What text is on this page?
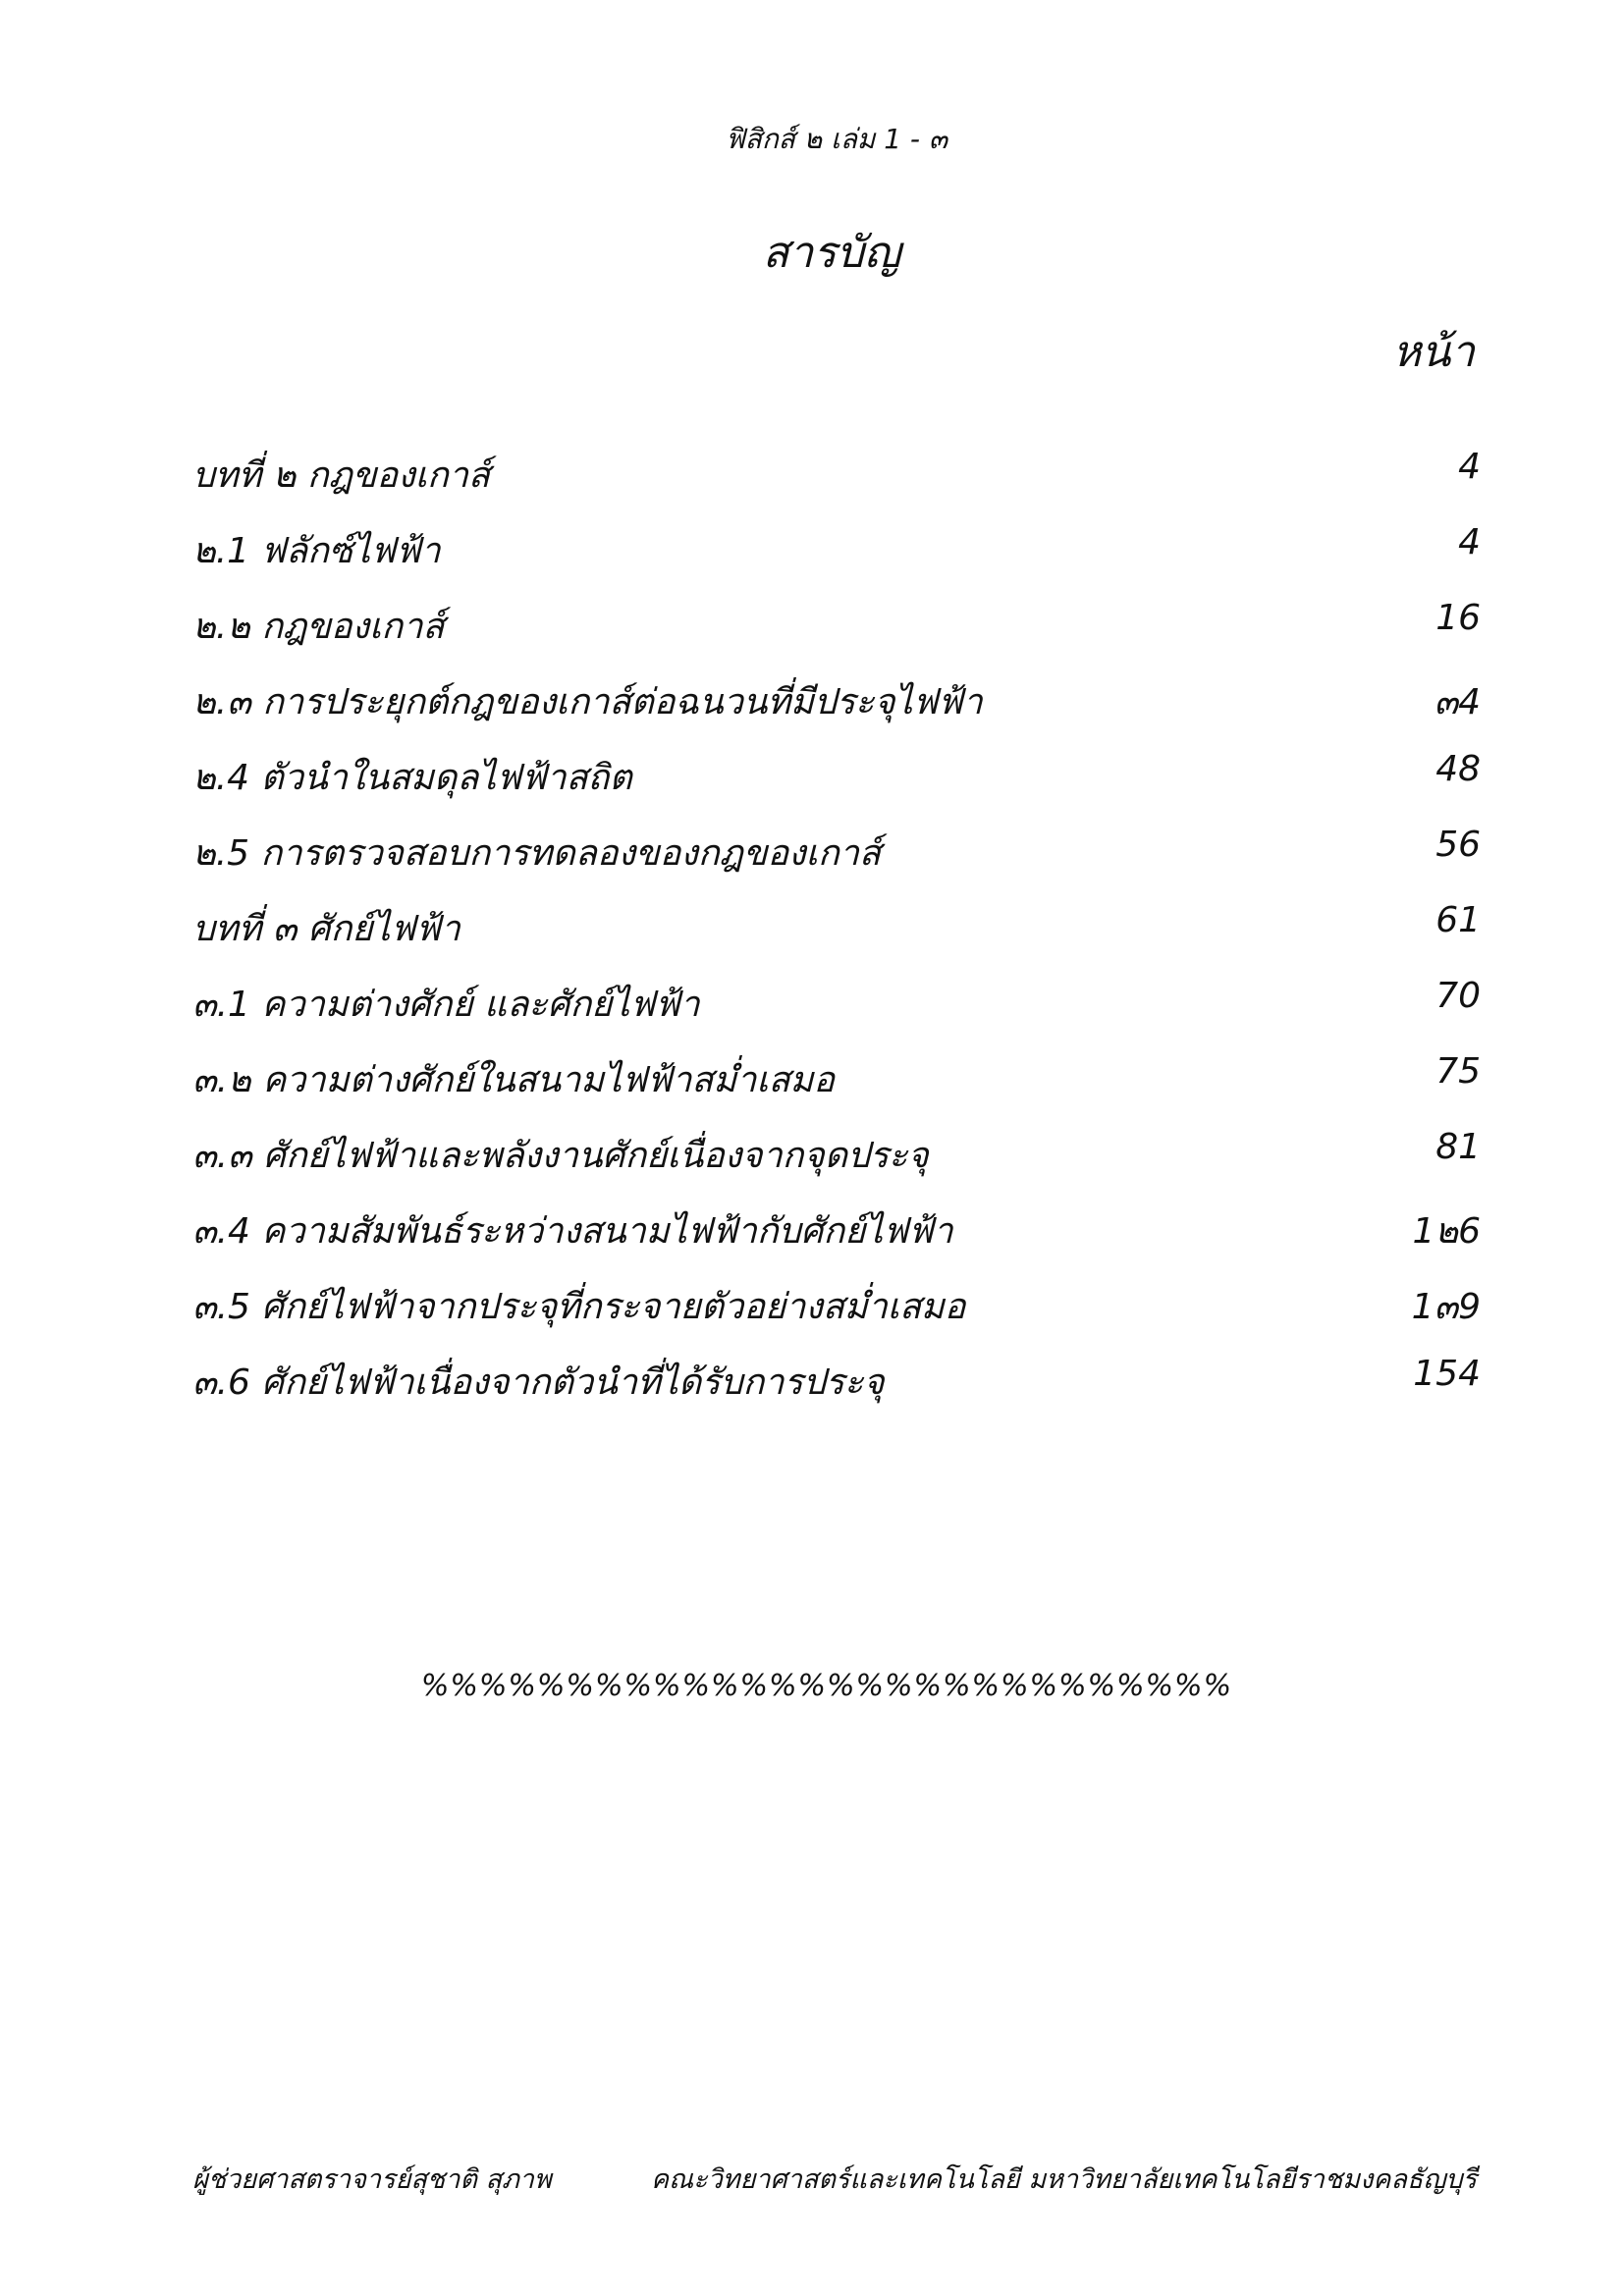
ฟิสิกส์ ๒ เล่ม 1 - ๓
สารบัญ
หน้า
บทที่ ๒ กฎของเกาส์	4
๒.1 ฟลักซ์ไฟฟ้า	4
๒.๒ กฎของเกาส์	16
๒.๓ การประยุกต์กฎของเกาส์ต่อฉนวนที่มีประจุไฟฟ้า	๓4
๒.4 ตัวนำในสมดุลไฟฟ้าสถิต	48
๒.5 การตรวจสอบการทดลองของกฎของเกาส์	56
บทที่ ๓ ศักย์ไฟฟ้า	61
๓.1 ความต่างศักย์ และศักย์ไฟฟ้า	70
๓.๒ ความต่างศักย์ในสนามไฟฟ้าสม่ำเสมอ	75
๓.๓ ศักย์ไฟฟ้าและพลังงานศักย์เนื่องจากจุดประจุ	81
๓.4 ความสัมพันธ์ระหว่างสนามไฟฟ้ากับศักย์ไฟฟ้า	1๒6
๓.5 ศักย์ไฟฟ้าจากประจุที่กระจายตัวอย่างสม่ำเสมอ	1๓9
๓.6 ศักย์ไฟฟ้าเนื่องจากตัวนำที่ได้รับการประจุ	154
%%%%%%%%%%%%%%%%%%%%%%%%%%%%
ผู้ช่วยศาสตราจารย์สุชาติ สุภาพ	คณะวิทยาศาสตร์และเทคโนโลยี มหาวิทยาลัยเทคโนโลยีราชมงคลธัญบุรี
